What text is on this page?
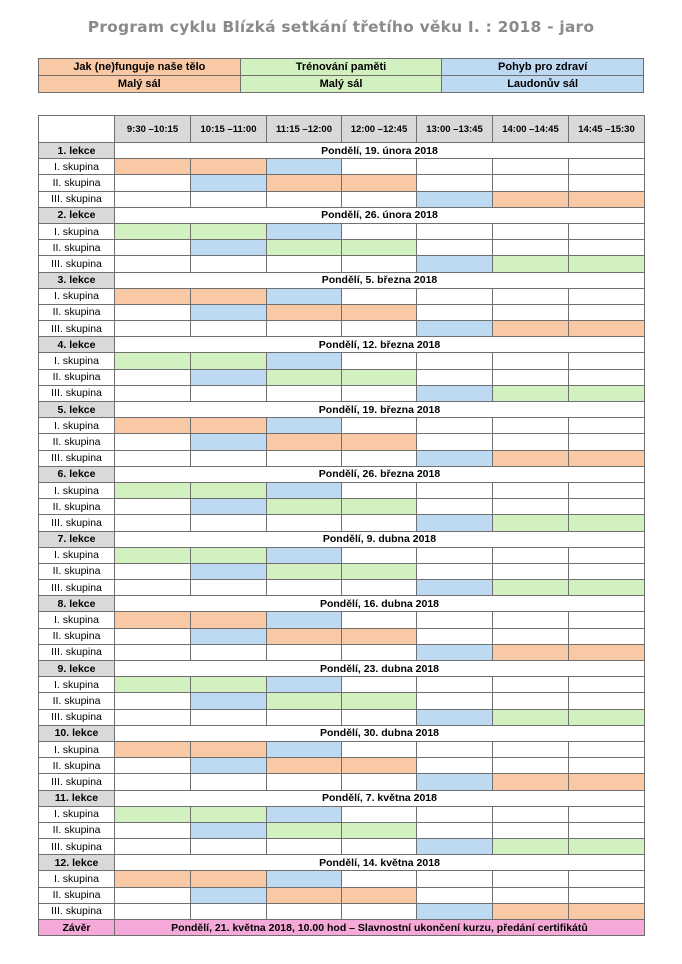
Program cyklu Blízká setkání třetího věku I. : 2018 - jaro
Jak (ne)funguje naše tělo	Trénování paměti	Pohyb pro zdraví
Malý sál	Malý sál	Laudonův sál
	9:30 –10:15	10:15 –11:00	11:15 –12:00	12:00 –12:45	13:00 –13:45	14:00 –14:45	14:45 –15:30
1. lekce	Pondělí, 19. února 2018						
I. skupina							
II. skupina							
III. skupina							
2. lekce	Pondělí, 26. února 2018						
I. skupina							
II. skupina							
III. skupina							
3. lekce	Pondělí, 5. března 2018						
I. skupina							
II. skupina							
III. skupina							
4. lekce	Pondělí, 12. března 2018						
I. skupina							
II. skupina							
III. skupina							
5. lekce	Pondělí, 19. března 2018						
I. skupina							
II. skupina							
III. skupina							
6. lekce	Pondělí, 26. března 2018						
I. skupina							
II. skupina							
III. skupina							
7. lekce	Pondělí, 9. dubna 2018						
I. skupina							
II. skupina							
III. skupina							
8. lekce	Pondělí, 16. dubna 2018						
I. skupina							
II. skupina							
III. skupina							
9. lekce	Pondělí, 23. dubna 2018						
I. skupina							
II. skupina							
III. skupina							
10. lekce	Pondělí, 30. dubna 2018						
I. skupina							
II. skupina							
III. skupina							
11. lekce	Pondělí, 7. května 2018						
I. skupina							
II. skupina							
III. skupina							
12. lekce	Pondělí, 14. května 2018						
I. skupina							
II. skupina							
III. skupina							
Závěr	Pondělí, 21. května 2018, 10.00 hod – Slavnostní ukončení kurzu, předání certifikátů						
